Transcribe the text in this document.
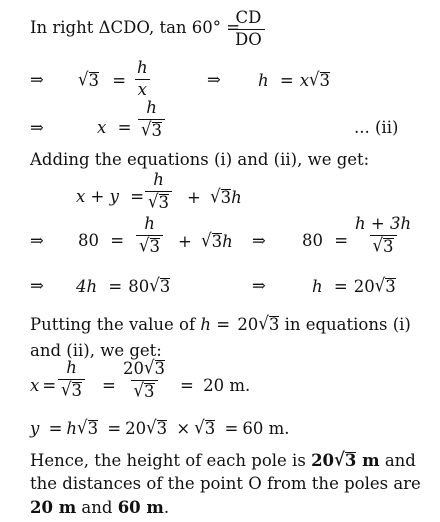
In right ΔCDO, tan 60° =
$\frac{CD}{DO}$
⇒ $√3 = \frac{h}{x}$	⇒ h = x√3
⇒	$x = \frac{h}{√3}$	... (ii)
Adding the equations (i) and (ii), we get:
$x + y = \frac{h}{√3} + √3h$
⇒ $80 = \frac{h}{√3} + √3h$ ⇒ $80 = \frac{h + 3h}{√3}$
⇒ 4h = 80√3	⇒	h = 20√3
Putting the value of h = 20√3 in equations (i)
and (ii), we get:
$x = \frac{h}{√3} = \frac{20√3}{√3} = 20$ m.
y = h√3 = 20√3 × √3 = 60 m.
Hence, the height of each pole is 20√3 m and
the distances of the point O from the poles are
20 m and 60 m.
